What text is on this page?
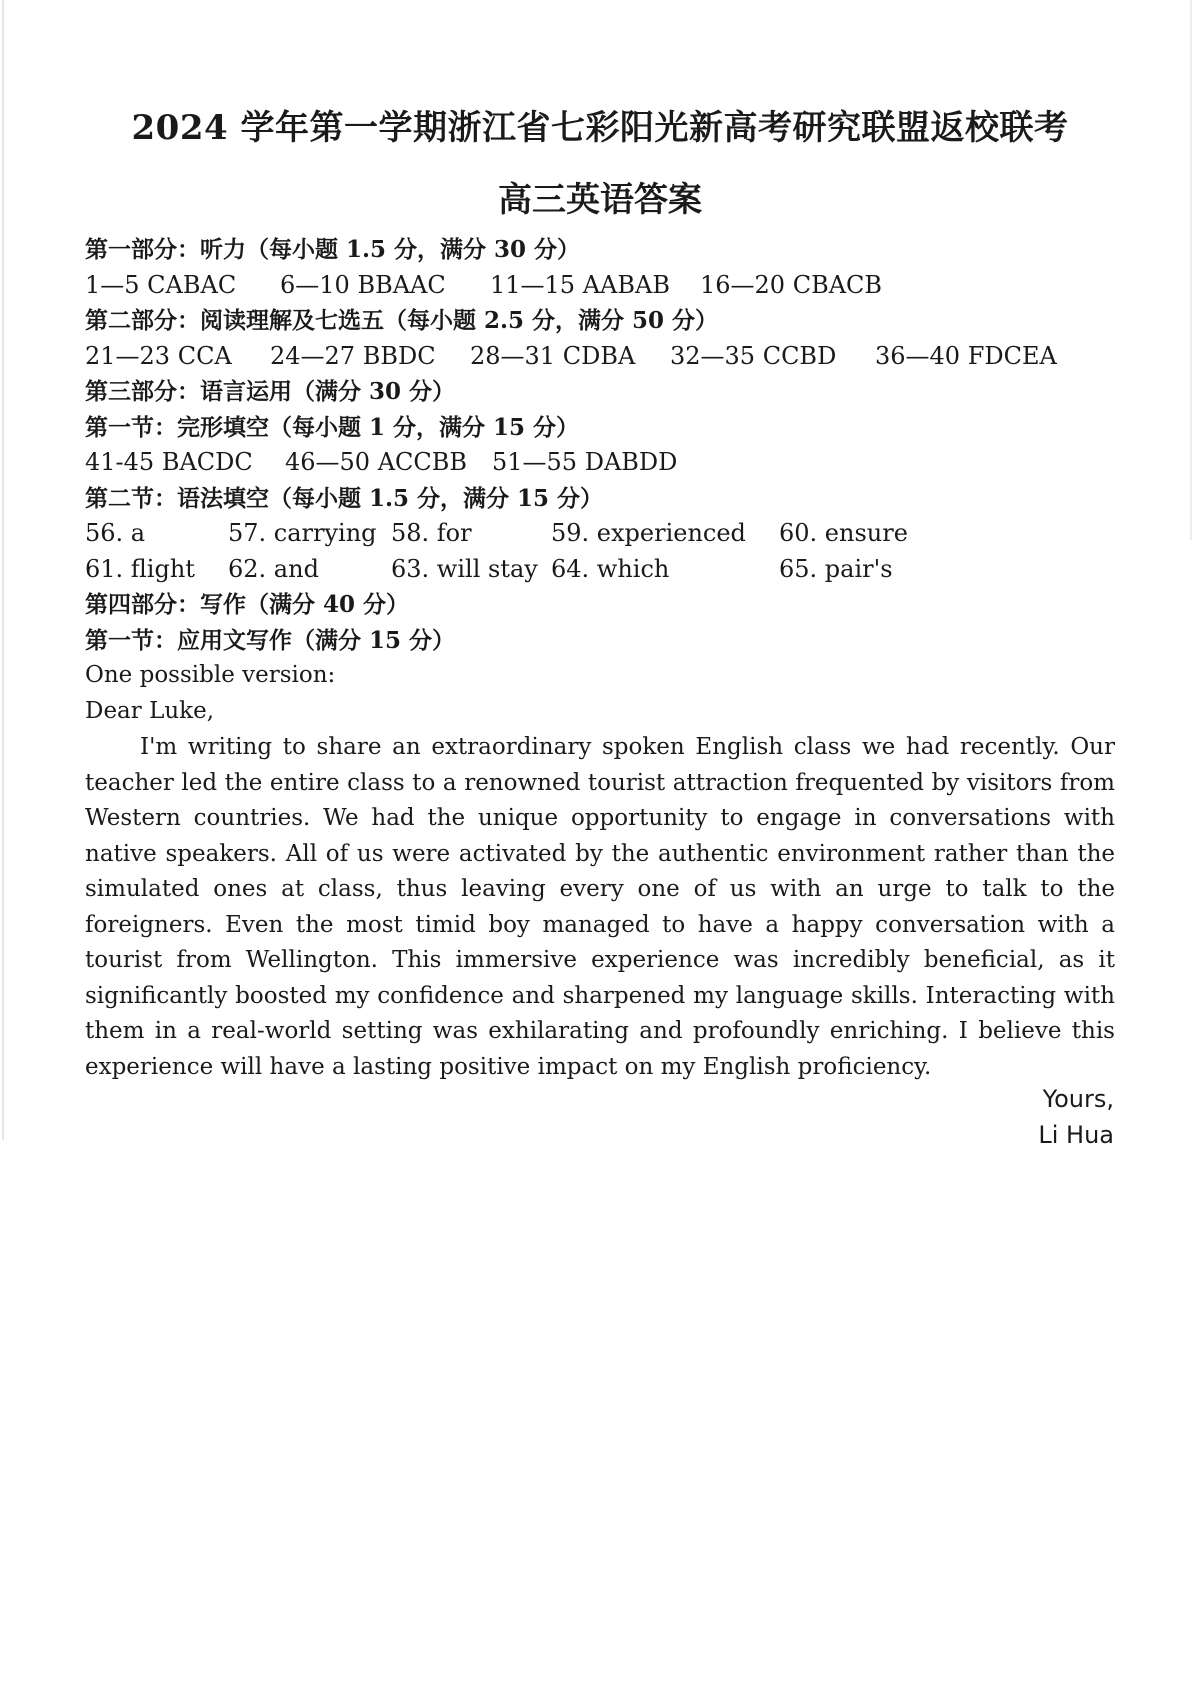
2024 学年第一学期浙江省七彩阳光新高考研究联盟返校联考
高三英语答案
第一部分：听力（每小题 1.5 分，满分 30 分）
1—5 CABAC 6—10 BBAAC 11—15 AABAB 16—20 CBACB
第二部分：阅读理解及七选五（每小题 2.5 分，满分 50 分）
21—23 CCA 24—27 BBDC 28—31 CDBA 32—35 CCBD 36—40 FDCEA
第三部分：语言运用（满分 30 分）
第一节：完形填空（每小题 1 分，满分 15 分）
41-45 BACDC 46—50 ACCBB 51—55 DABDD
第二节：语法填空（每小题 1.5 分，满分 15 分）
56. a	57. carrying 58. for	59. experienced 60. ensure
61. flight 62. and	63. will stay 64. which	65. pair's
第四部分：写作（满分 40 分）
第一节：应用文写作（满分 15 分）
One possible version:
Dear Luke,
I'm writing to share an extraordinary spoken English class we had recently. Our teacher led the entire class to a renowned tourist attraction frequented by visitors from Western countries. We had the unique opportunity to engage in conversations with native speakers. All of us were activated by the authentic environment rather than the simulated ones at class, thus leaving every one of us with an urge to talk to the foreigners. Even the most timid boy managed to have a happy conversation with a tourist from Wellington. This immersive experience was incredibly beneficial, as it significantly boosted my confidence and sharpened my language skills. Interacting with them in a real-world setting was exhilarating and profoundly enriching. I believe this experience will have a lasting positive impact on my English proficiency.
Yours,
Li Hua
